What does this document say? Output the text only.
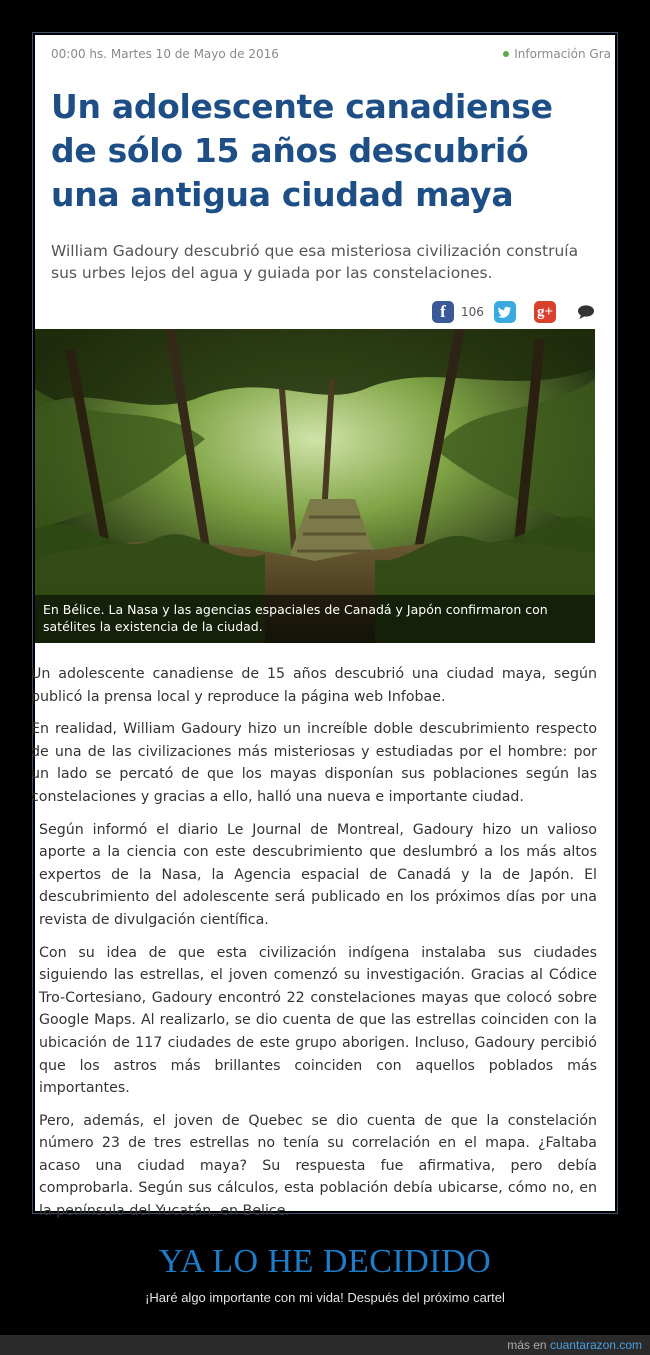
00:00 hs. Martes 10 de Mayo de 2016	Información Gra
Un adolescente canadiense de sólo 15 años descubrió una antigua ciudad maya

William Gadoury descubrió que esa misteriosa civilización construía sus urbes lejos del agua y guiada por las constelaciones.

f	106	g+
En Bélice. La Nasa y las agencias espaciales de Canadá y Japón confirmaron con satélites la existencia de la ciudad.

Un adolescente canadiense de 15 años descubrió una ciudad maya, según publicó la prensa local y reproduce la página web Infobae.

En realidad, William Gadoury hizo un increíble doble descubrimiento respecto de una de las civilizaciones más misteriosas y estudiadas por el hombre: por un lado se percató de que los mayas disponían sus poblaciones según las constelaciones y gracias a ello, halló una nueva e importante ciudad.

Según informó el diario Le Journal de Montreal, Gadoury hizo un valioso aporte a la ciencia con este descubrimiento que deslumbró a los más altos expertos de la Nasa, la Agencia espacial de Canadá y la de Japón. El descubrimiento del adolescente será publicado en los próximos días por una revista de divulgación científica.

Con su idea de que esta civilización indígena instalaba sus ciudades siguiendo las estrellas, el joven comenzó su investigación. Gracias al Códice Tro-Cortesiano, Gadoury encontró 22 constelaciones mayas que colocó sobre Google Maps. Al realizarlo, se dio cuenta de que las estrellas coinciden con la ubicación de 117 ciudades de este grupo aborigen. Incluso, Gadoury percibió que los astros más brillantes coinciden con aquellos poblados más importantes.

Pero, además, el joven de Quebec se dio cuenta de que la constelación número 23 de tres estrellas no tenía su correlación en el mapa. ¿Faltaba acaso una ciudad maya? Su respuesta fue afirmativa, pero debía comprobarla. Según sus cálculos, esta población debía ubicarse, cómo no, en la península del Yucatán, en Belice.

YA LO HE DECIDIDO
¡Haré algo importante con mi vida! Después del próximo cartel
más en cuantarazon.com
